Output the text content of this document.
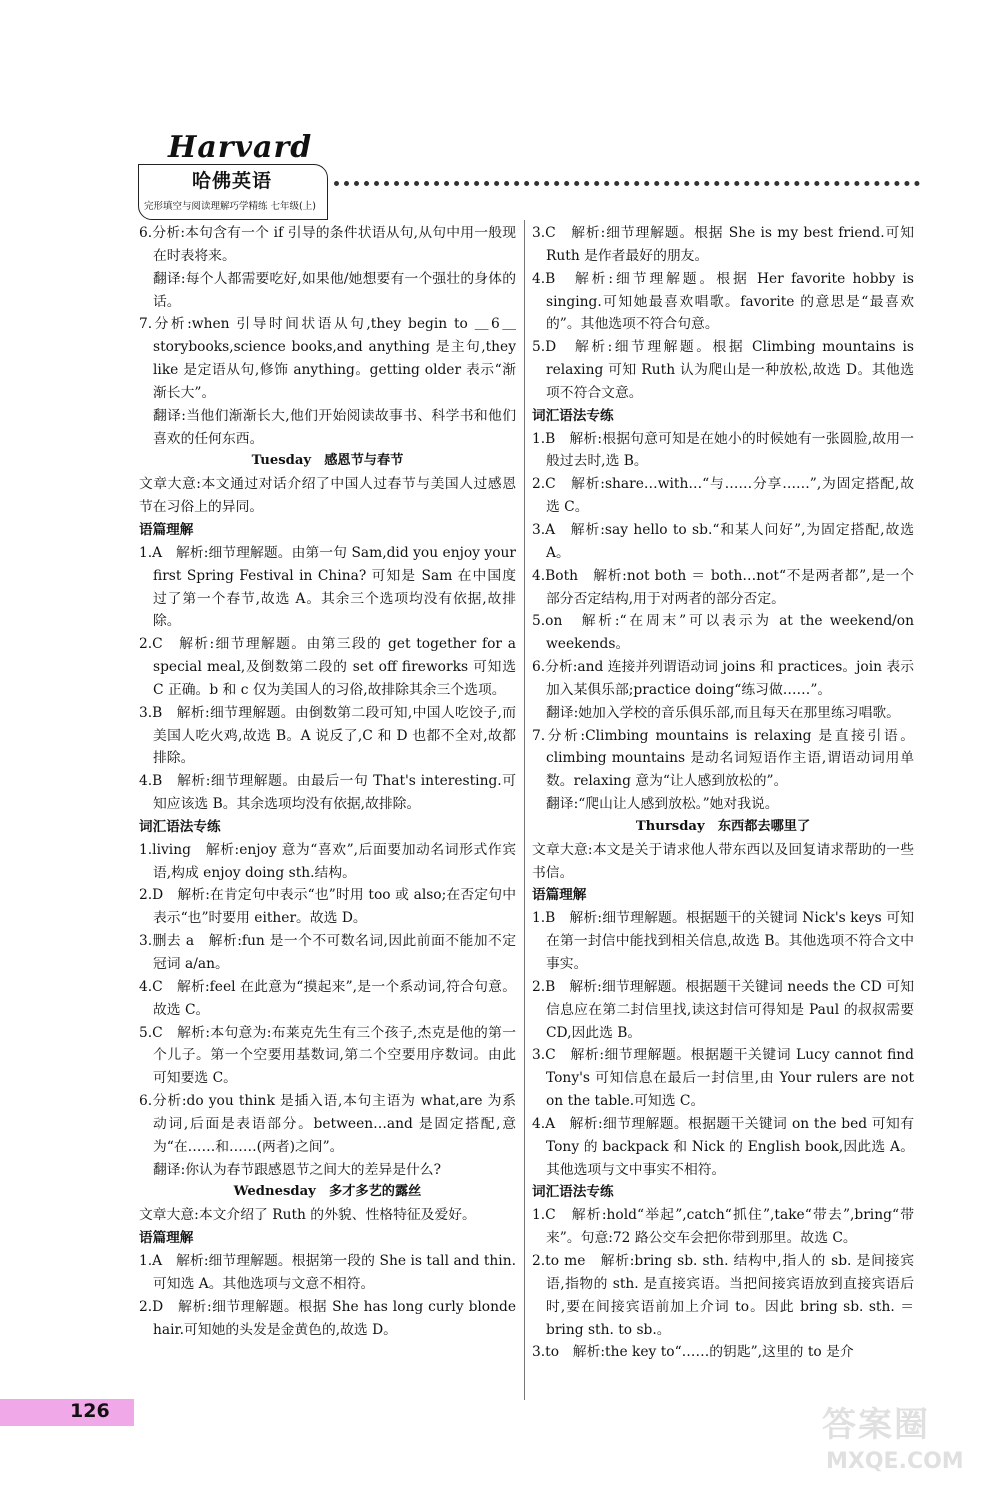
Harvard
哈佛英语
完形填空与阅读理解巧学精练 七年级(上)

6.分析:本句含有一个 if 引导的条件状语从句,从句中用一般现在时表将来。

翻译:每个人都需要吃好,如果他/她想要有一个强壮的身体的话。

7.分析:when 引导时间状语从句,they begin to ＿6＿ storybooks,science books,and anything 是主句,they like 是定语从句,修饰 anything。getting older 表示“渐渐长大”。

翻译:当他们渐渐长大,他们开始阅读故事书、科学书和他们喜欢的任何东西。

Tuesday　感恩节与春节

文章大意:本文通过对话介绍了中国人过春节与美国人过感恩节在习俗上的异同。

语篇理解

1.A　解析:细节理解题。由第一句 Sam,did you enjoy your first Spring Festival in China? 可知是 Sam 在中国度过了第一个春节,故选 A。其余三个选项均没有依据,故排除。

2.C　解析:细节理解题。由第三段的 get together for a special meal,及倒数第二段的 set off fireworks 可知选 C 正确。b 和 c 仅为美国人的习俗,故排除其余三个选项。

3.B　解析:细节理解题。由倒数第二段可知,中国人吃饺子,而美国人吃火鸡,故选 B。A 说反了,C 和 D 也都不全对,故都排除。

4.B　解析:细节理解题。由最后一句 That's interesting.可知应该选 B。其余选项均没有依据,故排除。

词汇语法专练

1.living　解析:enjoy 意为“喜欢”,后面要加动名词形式作宾语,构成 enjoy doing sth.结构。

2.D　解析:在肯定句中表示“也”时用 too 或 also;在否定句中表示“也”时要用 either。故选 D。

3.删去 a　解析:fun 是一个不可数名词,因此前面不能加不定冠词 a/an。

4.C　解析:feel 在此意为“摸起来”,是一个系动词,符合句意。故选 C。

5.C　解析:本句意为:布莱克先生有三个孩子,杰克是他的第一个儿子。第一个空要用基数词,第二个空要用序数词。由此可知要选 C。

6.分析:do you think 是插入语,本句主语为 what,are 为系动词,后面是表语部分。between…and 是固定搭配,意为“在……和……(两者)之间”。

翻译:你认为春节跟感恩节之间大的差异是什么?

Wednesday　多才多艺的露丝

文章大意:本文介绍了 Ruth 的外貌、性格特征及爱好。

语篇理解

1.A　解析:细节理解题。根据第一段的 She is tall and thin.可知选 A。其他选项与文意不相符。

2.D　解析:细节理解题。根据 She has long curly blonde hair.可知她的头发是金黄色的,故选 D。

3.C　解析:细节理解题。根据 She is my best friend.可知 Ruth 是作者最好的朋友。

4.B　解析:细节理解题。根据 Her favorite hobby is singing.可知她最喜欢唱歌。favorite 的意思是“最喜欢的”。其他选项不符合句意。

5.D　解析:细节理解题。根据 Climbing mountains is relaxing 可知 Ruth 认为爬山是一种放松,故选 D。其他选项不符合文意。

词汇语法专练

1.B　解析:根据句意可知是在她小的时候她有一张圆脸,故用一般过去时,选 B。

2.C　解析:share…with…“与……分享……”,为固定搭配,故选 C。

3.A　解析:say hello to sb.“和某人问好”,为固定搭配,故选 A。

4.Both　解析:not both ＝ both…not“不是两者都”,是一个部分否定结构,用于对两者的部分否定。

5.on　解析:“在周末”可以表示为 at the weekend/on weekends。

6.分析:and 连接并列谓语动词 joins 和 practices。join 表示加入某俱乐部;practice doing“练习做……”。

翻译:她加入学校的音乐俱乐部,而且每天在那里练习唱歌。

7.分析:Climbing mountains is relaxing 是直接引语。climbing mountains 是动名词短语作主语,谓语动词用单数。relaxing 意为“让人感到放松的”。

翻译:“爬山让人感到放松。”她对我说。

Thursday　东西都去哪里了

文章大意:本文是关于请求他人带东西以及回复请求帮助的一些书信。

语篇理解

1.B　解析:细节理解题。根据题干的关键词 Nick's keys 可知在第一封信中能找到相关信息,故选 B。其他选项不符合文中事实。

2.B　解析:细节理解题。根据题干关键词 needs the CD 可知信息应在第二封信里找,读这封信可得知是 Paul 的叔叔需要 CD,因此选 B。

3.C　解析:细节理解题。根据题干关键词 Lucy cannot find Tony's 可知信息在最后一封信里,由 Your rulers are not on the table.可知选 C。

4.A　解析:细节理解题。根据题干关键词 on the bed 可知有 Tony 的 backpack 和 Nick 的 English book,因此选 A。其他选项与文中事实不相符。

词汇语法专练

1.C　解析:hold“举起”,catch“抓住”,take“带去”,bring“带来”。句意:72 路公交车会把你带到那里。故选 C。

2.to me　解析:bring sb. sth. 结构中,指人的 sb. 是间接宾语,指物的 sth. 是直接宾语。当把间接宾语放到直接宾语后时,要在间接宾语前加上介词 to。因此 bring sb. sth. ＝ bring sth. to sb.。

3.to　解析:the key to“……的钥匙”,这里的 to 是介

126	答案圈
MXQE.COM
